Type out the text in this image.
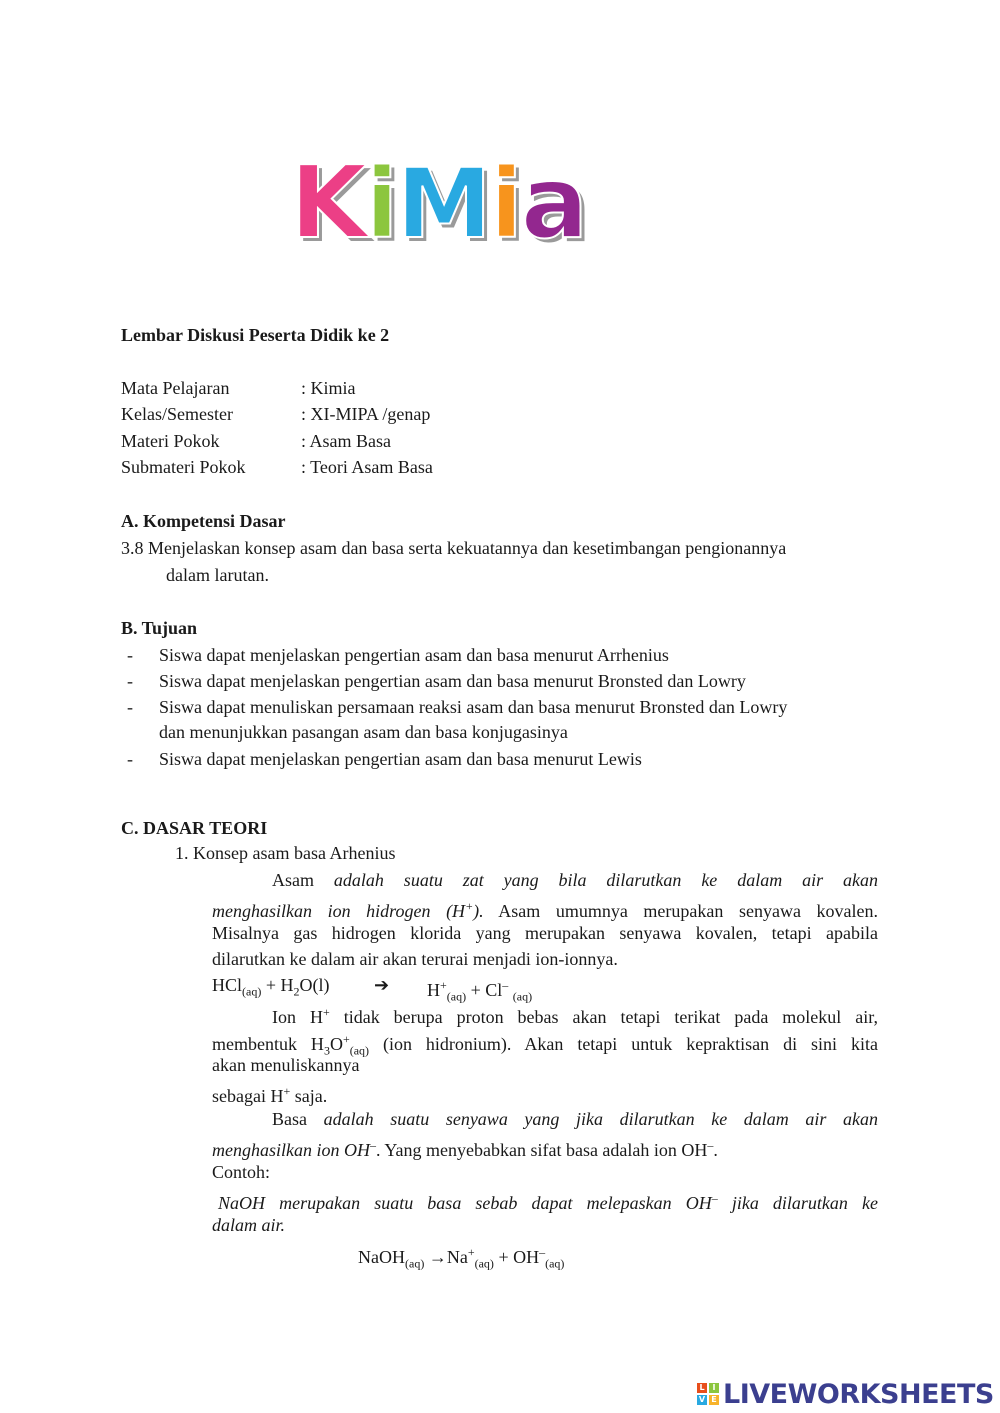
KiMia
Lembar Diskusi Peserta Didik ke 2
Mata Pelajaran	: Kimia
Kelas/Semester	: XI-MIPA /genap
Materi Pokok	: Asam Basa
Submateri Pokok	: Teori Asam Basa
A. Kompetensi Dasar
3.8 Menjelaskan konsep asam dan basa serta kekuatannya dan kesetimbangan pengionannya
dalam larutan.
B. Tujuan
- Siswa dapat menjelaskan pengertian asam dan basa menurut Arrhenius
- Siswa dapat menjelaskan pengertian asam dan basa menurut Bronsted dan Lowry
- Siswa dapat menuliskan persamaan reaksi asam dan basa menurut Bronsted dan Lowry
dan menunjukkan pasangan asam dan basa konjugasinya
- Siswa dapat menjelaskan pengertian asam dan basa menurut Lewis
C. DASAR TEORI
1. Konsep asam basa Arhenius
Asam adalah suatu zat yang bila dilarutkan ke dalam air akan
menghasilkan ion hidrogen (H+). Asam umumnya merupakan senyawa kovalen.
Misalnya gas hidrogen klorida yang merupakan senyawa kovalen, tetapi apabila
dilarutkan ke dalam air akan terurai menjadi ion-ionnya.
$HCl_{(aq)} + H_2O(l)$ ➔ $H^+_{(aq)} + Cl^-$ $_{(aq)}$
Ion H+ tidak berupa proton bebas akan tetapi terikat pada molekul air,
membentuk $H_3O^+_{(aq)}$ (ion hidronium). Akan tetapi untuk kepraktisan di sini kita
akan menuliskannya
sebagai H+ saja.
Basa adalah suatu senyawa yang jika dilarutkan ke dalam air akan
menghasilkan ion OH–. Yang menyebabkan sifat basa adalah ion OH–.
Contoh:
NaOH merupakan suatu basa sebab dapat melepaskan OH– jika dilarutkan ke
dalam air.
NaOH$_{(aq)}$ $\to Na^+_{(aq)} + OH^-_{(aq)}$
L I
V E LIVEWORKSHEETS
